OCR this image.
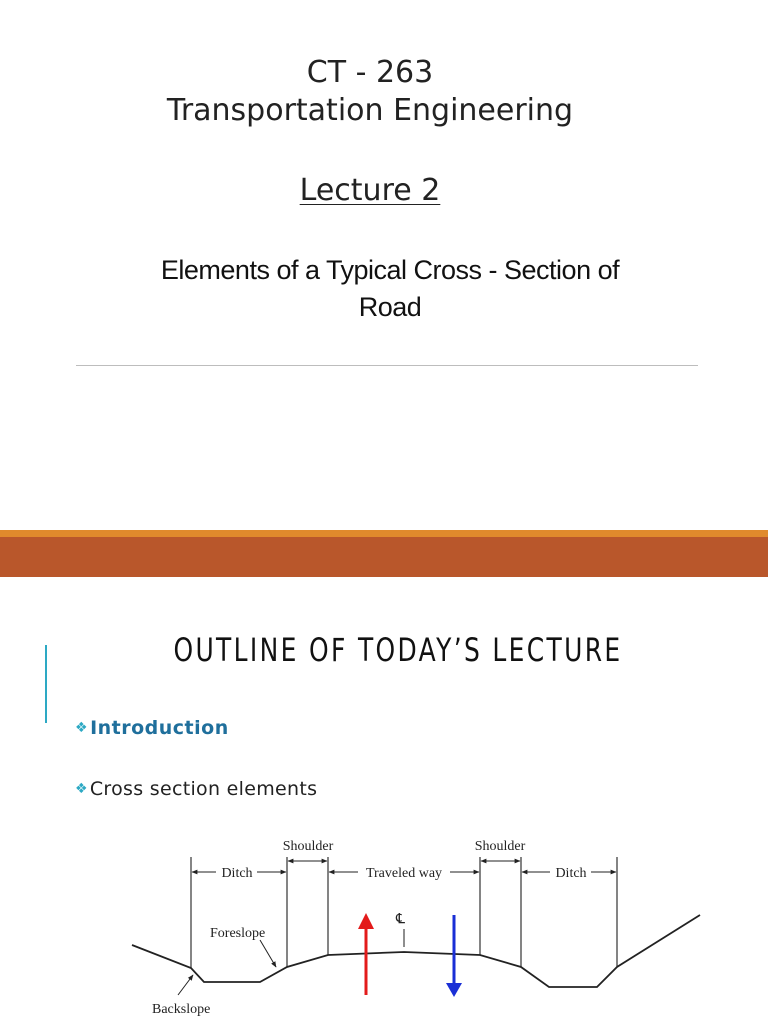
CT - 263
Transportation Engineering
Lecture 2
Elements of a Typical Cross - Section of
Road
OUTLINE OF TODAY’S LECTURE
❖ Introduction
❖ Cross section elements
Shoulder	Shoulder
Ditch	Ditch
Traveled way
Foreslope
Backslope
℄
